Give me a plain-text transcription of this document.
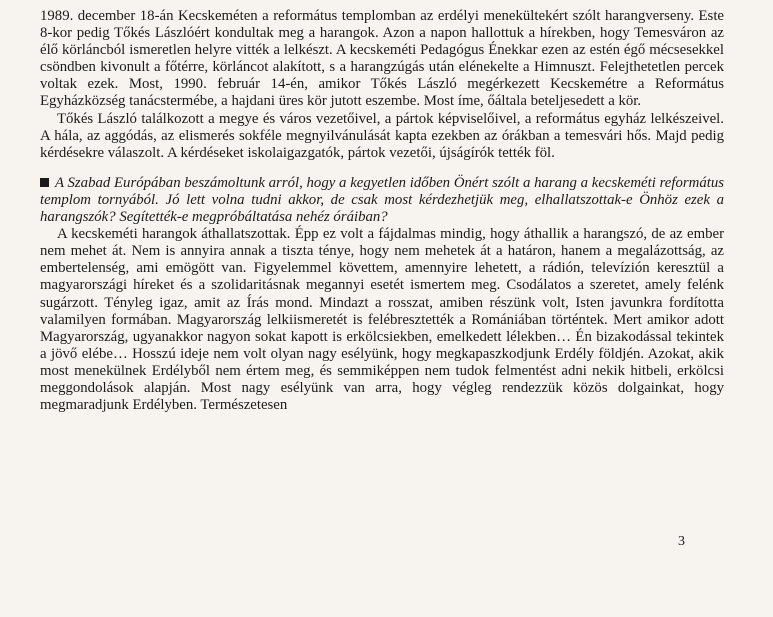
1989. december 18-án Kecskeméten a református templomban az erdélyi menekültekért szólt harangverseny. Este 8-kor pedig Tőkés Lászlóért kondultak meg a harangok. Azon a napon hallottuk a hírekben, hogy Temesváron az élő körláncból ismeretlen helyre vitték a lelkészt. A kecskeméti Pedagógus Énekkar ezen az estén égő mécsesekkel csöndben kivonult a főtérre, körláncot alakított, s a harangzúgás után elénekelte a Himnuszt. Felejthetetlen percek voltak ezek. Most, 1990. február 14-én, amikor Tőkés László megérkezett Kecskemétre a Református Egyházközség tanácstermébe, a hajdani üres kör jutott eszembe. Most íme, őáltala beteljesedett a kör.

Tőkés László találkozott a megye és város vezetőivel, a pártok képviselőivel, a református egyház lelkészeivel. A hála, az aggódás, az elismerés sokféle megnyilvánulását kapta ezekben az órákban a temesvári hős. Majd pedig kérdésekre válaszolt. A kérdéseket iskolaigazgatók, pártok vezetői, újságírók tették föl.

A Szabad Európában beszámoltunk arról, hogy a kegyetlen időben Önért szólt a harang a kecskeméti református templom tornyából. Jó lett volna tudni akkor, de csak most kérdezhetjük meg, elhallatszottak-e Önhöz ezek a harangszók? Segítették-e megpróbáltatása nehéz óráiban?

A kecskeméti harangok áthallatszottak. Épp ez volt a fájdalmas mindig, hogy áthallik a harangszó, de az ember nem mehet át. Nem is annyira annak a tiszta ténye, hogy nem mehetek át a határon, hanem a megalázottság, az embertelenség, ami emögött van. Figyelemmel követtem, amennyire lehetett, a rádión, televízión keresztül a magyarországi híreket és a szolidaritásnak megannyi esetét ismertem meg. Csodálatos a szeretet, amely felénk sugárzott. Tényleg igaz, amit az Írás mond. Mindazt a rosszat, amiben részünk volt, Isten javunkra fordította valamilyen formában. Magyarország lelkiismeretét is felébresztették a Romániában történtek. Mert amikor adott Magyarország, ugyanakkor nagyon sokat kapott is erkölcsiekben, emelkedett lélekben… Én bizakodással tekintek a jövő elébe… Hosszú ideje nem volt olyan nagy esélyünk, hogy megkapaszkodjunk Erdély földjén. Azokat, akik most menekülnek Erdélyből nem értem meg, és semmiképpen nem tudok felmentést adni nekik hitbeli, erkölcsi meggondolások alapján. Most nagy esélyünk van arra, hogy végleg rendezzük közös dolgainkat, hogy megmaradjunk Erdélyben. Természetesen

3
